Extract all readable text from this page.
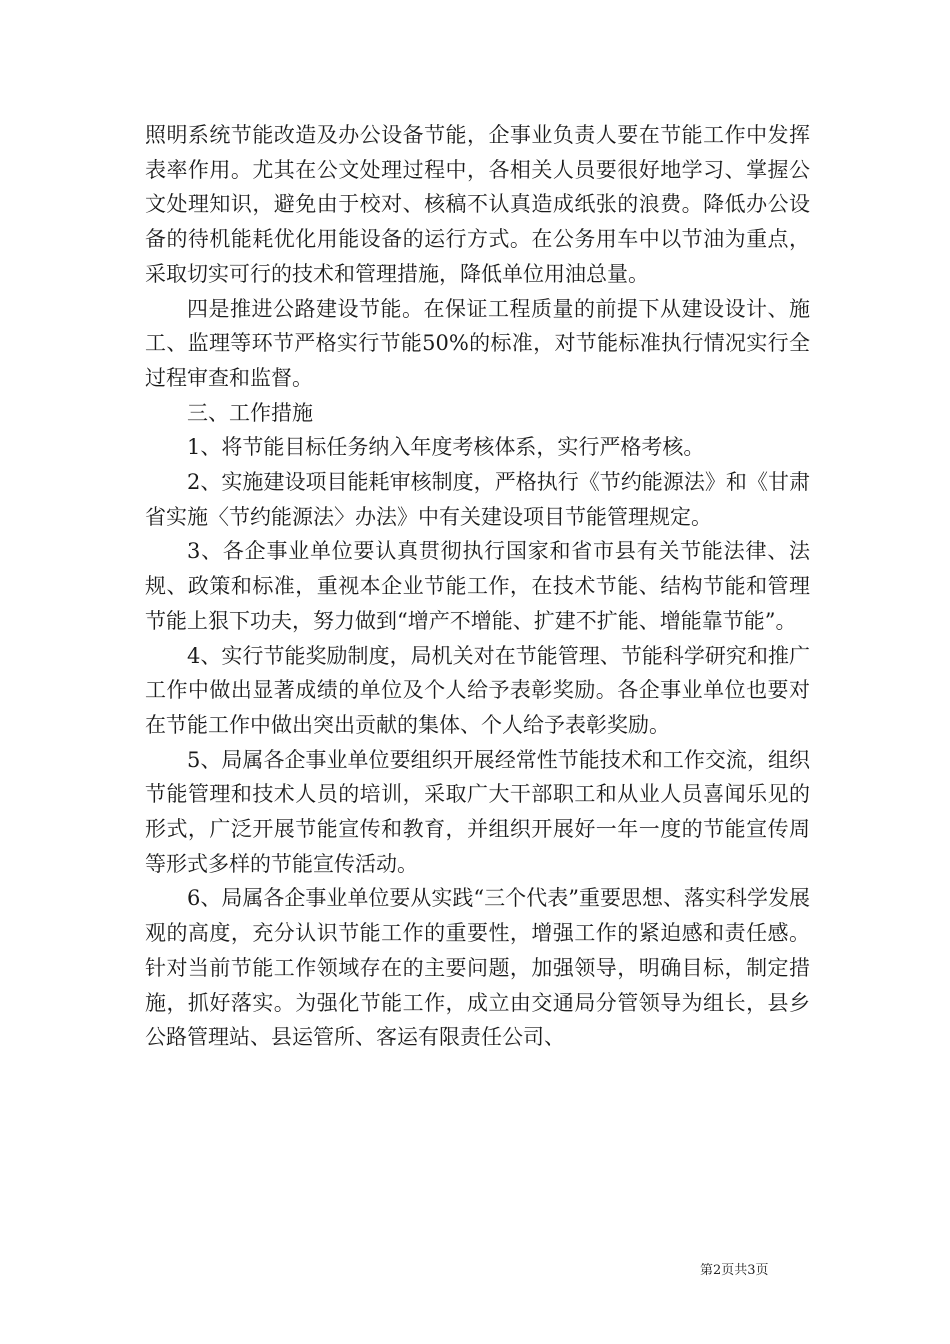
照明系统节能改造及办公设备节能，企事业负责人要在节能工作中发挥表率作用。尤其在公文处理过程中，各相关人员要很好地学习、掌握公文处理知识，避免由于校对、核稿不认真造成纸张的浪费。降低办公设备的待机能耗优化用能设备的运行方式。在公务用车中以节油为重点，采取切实可行的技术和管理措施，降低单位用油总量。

四是推进公路建设节能。在保证工程质量的前提下从建设设计、施工、监理等环节严格实行节能50%的标准，对节能标准执行情况实行全过程审查和监督。

三、工作措施

1、将节能目标任务纳入年度考核体系，实行严格考核。

2、实施建设项目能耗审核制度，严格执行《节约能源法》和《甘肃省实施〈节约能源法〉办法》中有关建设项目节能管理规定。

3、各企事业单位要认真贯彻执行国家和省市县有关节能法律、法规、政策和标准，重视本企业节能工作，在技术节能、结构节能和管理节能上狠下功夫，努力做到“增产不增能、扩建不扩能、增能靠节能”。

4、实行节能奖励制度，局机关对在节能管理、节能科学研究和推广工作中做出显著成绩的单位及个人给予表彰奖励。各企事业单位也要对在节能工作中做出突出贡献的集体、个人给予表彰奖励。

5、局属各企事业单位要组织开展经常性节能技术和工作交流，组织节能管理和技术人员的培训，采取广大干部职工和从业人员喜闻乐见的形式，广泛开展节能宣传和教育，并组织开展好一年一度的节能宣传周等形式多样的节能宣传活动。

6、局属各企事业单位要从实践“三个代表”重要思想、落实科学发展观的高度，充分认识节能工作的重要性，增强工作的紧迫感和责任感。针对当前节能工作领域存在的主要问题，加强领导，明确目标，制定措施，抓好落实。为强化节能工作，成立由交通局分管领导为组长，县乡公路管理站、县运管所、客运有限责任公司、

第2页共3页
